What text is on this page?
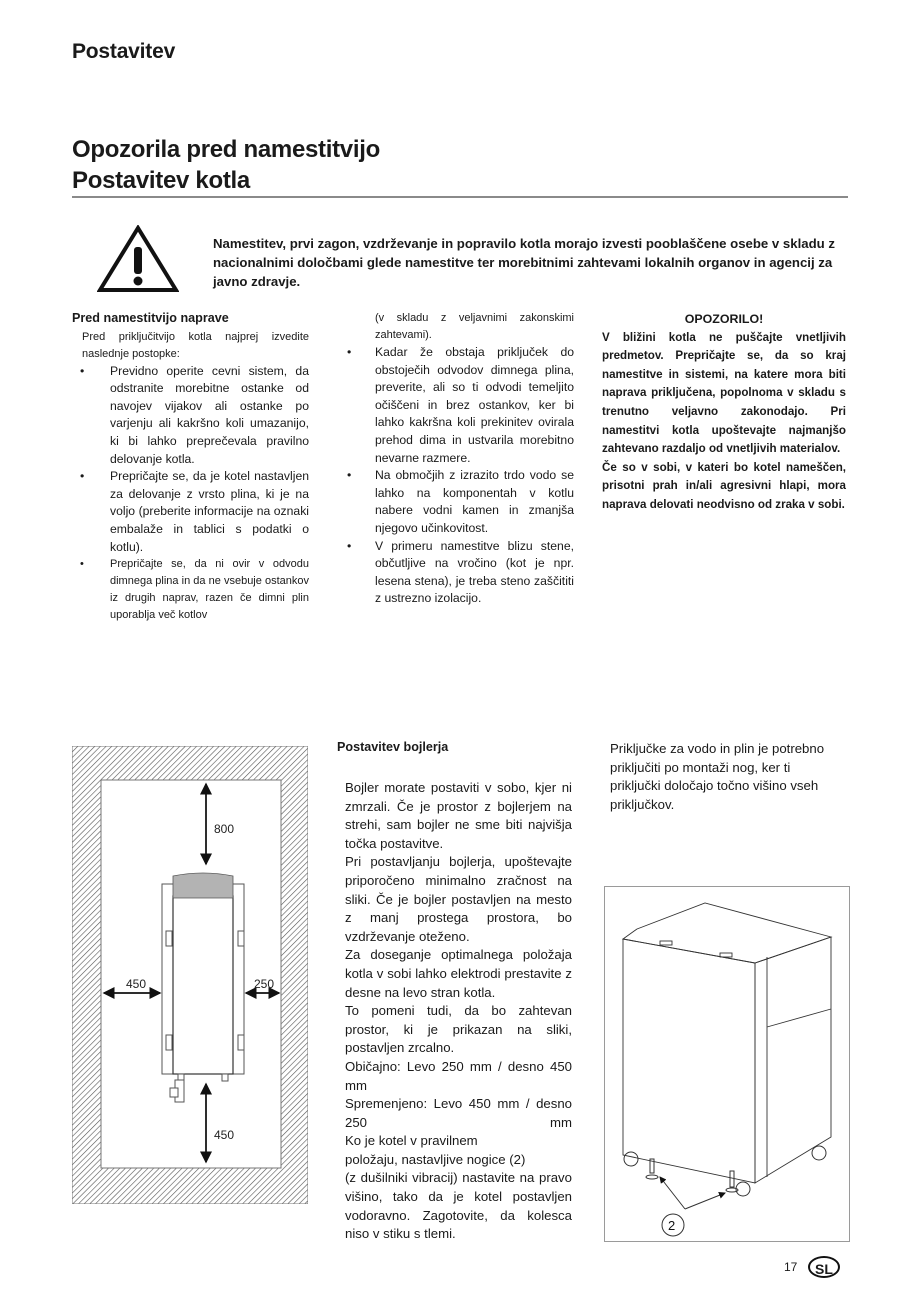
Postavitev
Opozorila pred namestitvijo
Postavitev kotla
Namestitev, prvi zagon, vzdrževanje in popravilo kotla morajo izvesti pooblaščene osebe v skladu z nacionalnimi določbami glede namestitve ter morebitnimi zahtevami lokalnih organov in agencij za javno zdravje.
Pred namestitvijo naprave
Pred priključitvijo kotla najprej izvedite naslednje postopke:
• Previdno operite cevni sistem, da odstranite morebitne ostanke od navojev vijakov ali ostanke po varjenju ali kakršno koli umazanijo, ki bi lahko preprečevala pravilno delovanje kotla.
• Prepričajte se, da je kotel nastavljen za delovanje z vrsto plina, ki je na voljo (preberite informacije na oznaki embalaže in tablici s podatki o kotlu).
• Prepričajte se, da ni ovir v odvodu dimnega plina in da ne vsebuje ostankov iz drugih naprav, razen če dimni plin uporablja več kotlov
(v skladu z veljavnimi zakonskimi zahtevami).
• Kadar že obstaja priključek do obstoječih odvodov dimnega plina, preverite, ali so ti odvodi temeljito očiščeni in brez ostankov, ker bi lahko kakršna koli prekinitev ovirala prehod dima in ustvarila morebitno nevarne razmere.
• Na območjih z izrazito trdo vodo se lahko na komponentah v kotlu nabere vodni kamen in zmanjša njegovo učinkovitost.
• V primeru namestitve blizu stene, občutljive na vročino (kot je npr. lesena stena), je treba steno zaščititi z ustrezno izolacijo.
OPOZORILO!
V bližini kotla ne puščajte vnetljivih predmetov. Prepričajte se, da so kraj namestitve in sistemi, na katere mora biti naprava priključena, popolnoma v skladu s trenutno veljavno zakonodajo. Pri namestitvi kotla upoštevajte najmanjšo zahtevano razdaljo od vnetljivih materialov.
Če so v sobi, v kateri bo kotel nameščen, prisotni prah in/ali agresivni hlapi, mora naprava delovati neodvisno od zraka v sobi.
800
450	250
450
Postavitev bojlerja

Bojler morate postaviti v sobo, kjer ni zmrzali. Če je prostor z bojlerjem na strehi, sam bojler ne sme biti najvišja točka postavitve.

Pri postavljanju bojlerja, upoštevajte priporočeno minimalno zračnost na sliki. Če je bojler postavljen na mesto z manj prostega prostora, bo vzdrževanje oteženo.

Za doseganje optimalnega položaja kotla v sobi lahko elektrodi prestavite z desne na levo stran kotla.

To pomeni tudi, da bo zahtevan prostor, ki je prikazan na sliki, postavljen zrcalno.

Običajno: Levo 250 mm / desno 450 mm

Spremenjeno: Levo 450 mm / desno 250 mm

Ko je kotel v pravilnem

položaju, nastavljive nogice (2)

(z dušilniki vibracij) nastavite na pravo višino, tako da je kotel postavljen vodoravno. Zagotovite, da kolesca niso v stiku s tlemi.

Priključke za vodo in plin je potrebno priključiti po montaži nog, ker ti priključki določajo točno višino vseh priključkov.
2
17	SL
